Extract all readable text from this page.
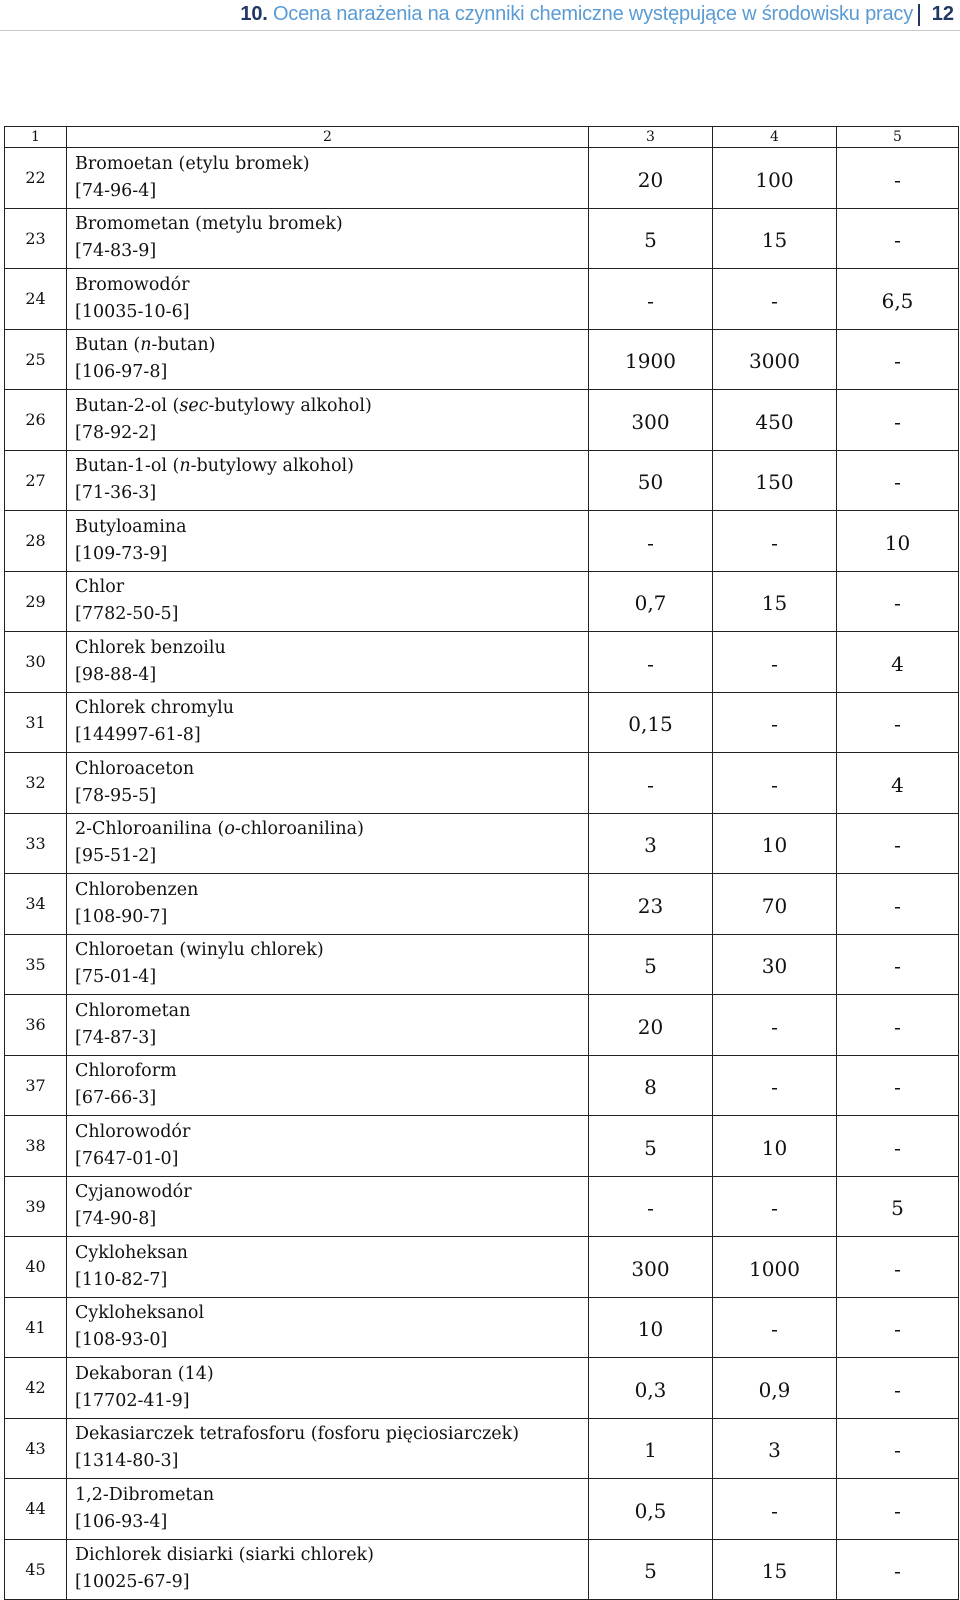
10. Ocena narażenia na czynniki chemiczne występujące w środowisku pracy 12
1	2	3	4	5
22	Bromoetan (etylu bromek)
[74-96-4]	20	100	-
23	Bromometan (metylu bromek)
[74-83-9]	5	15	-
24	Bromowodór
[10035-10-6]	-	-	6,5
25	Butan (n-butan)
[106-97-8]	1900	3000	-
26	Butan-2-ol (sec-butylowy alkohol)
[78-92-2]	300	450	-
27	Butan-1-ol (n-butylowy alkohol)
[71-36-3]	50	150	-
28	Butyloamina
[109-73-9]	-	-	10
29	Chlor
[7782-50-5]	0,7	15	-
30	Chlorek benzoilu
[98-88-4]	-	-	4
31	Chlorek chromylu
[144997-61-8]	0,15	-	-
32	Chloroaceton
[78-95-5]	-	-	4
33	2-Chloroanilina (o-chloroanilina)
[95-51-2]	3	10	-
34	Chlorobenzen
[108-90-7]	23	70	-
35	Chloroetan (winylu chlorek)
[75-01-4]	5	30	-
36	Chlorometan
[74-87-3]	20	-	-
37	Chloroform
[67-66-3]	8	-	-
38	Chlorowodór
[7647-01-0]	5	10	-
39	Cyjanowodór
[74-90-8]	-	-	5
40	Cykloheksan
[110-82-7]	300	1000	-
41	Cykloheksanol
[108-93-0]	10	-	-
42	Dekaboran (14)
[17702-41-9]	0,3	0,9	-
43	Dekasiarczek tetrafosforu (fosforu pięciosiarczek)
[1314-80-3]	1	3	-
44	1,2-Dibrometan
[106-93-4]	0,5	-	-
45	Dichlorek disiarki (siarki chlorek)
[10025-67-9]	5	15	-
